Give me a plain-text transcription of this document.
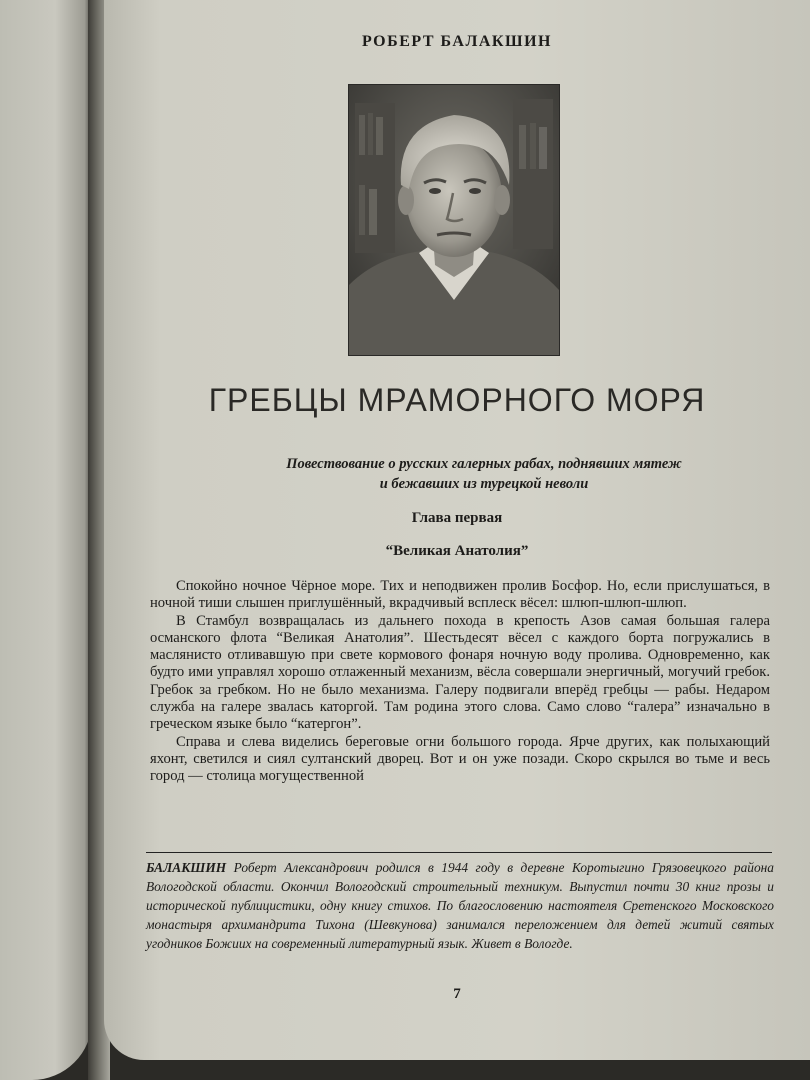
РОБЕРТ БАЛАКШИН
ГРЕБЦЫ МРАМОРНОГО МОРЯ
Повествование о русских галерных рабах, поднявших мятеж
и бежавших из турецкой неволи
Глава первая
“Великая Анатолия”

Спокойно ночное Чёрное море. Тих и неподвижен пролив Босфор. Но, если прислушаться, в ночной тиши слышен приглушённый, вкрадчивый всплеск вёсел: шлюп-шлюп-шлюп.

В Стамбул возвращалась из дальнего похода в крепость Азов самая большая галера османского флота “Великая Анатолия”. Шестьдесят вёсел с каждого борта погружались в маслянисто отливавшую при свете кормового фонаря ночную воду пролива. Одновременно, как будто ими управлял хорошо отлаженный механизм, вёсла совершали энергичный, могучий гребок. Гребок за гребком. Но не было механизма. Галеру подвигали вперёд гребцы — рабы. Недаром служба на галере звалась каторгой. Там родина этого слова. Само слово “галера” изначально в греческом языке было “катергон”.

Справа и слева виделись береговые огни большого города. Ярче других, как полыхающий яхонт, светился и сиял султанский дворец. Вот и он уже позади. Скоро скрылся во тьме и весь город — столица могущественной

БАЛАКШИН Роберт Александрович родился в 1944 году в деревне Коротыгино Грязовецкого района Вологодской области. Окончил Вологодский строительный техникум. Выпустил почти 30 книг прозы и исторической публицистики, одну книгу стихов. По благословению настоятеля Сретенского Московского монастыря архимандрита Тихона (Шевкунова) занимался переложением для детей житий святых угодников Божиих на современный литературный язык. Живет в Вологде.

7
